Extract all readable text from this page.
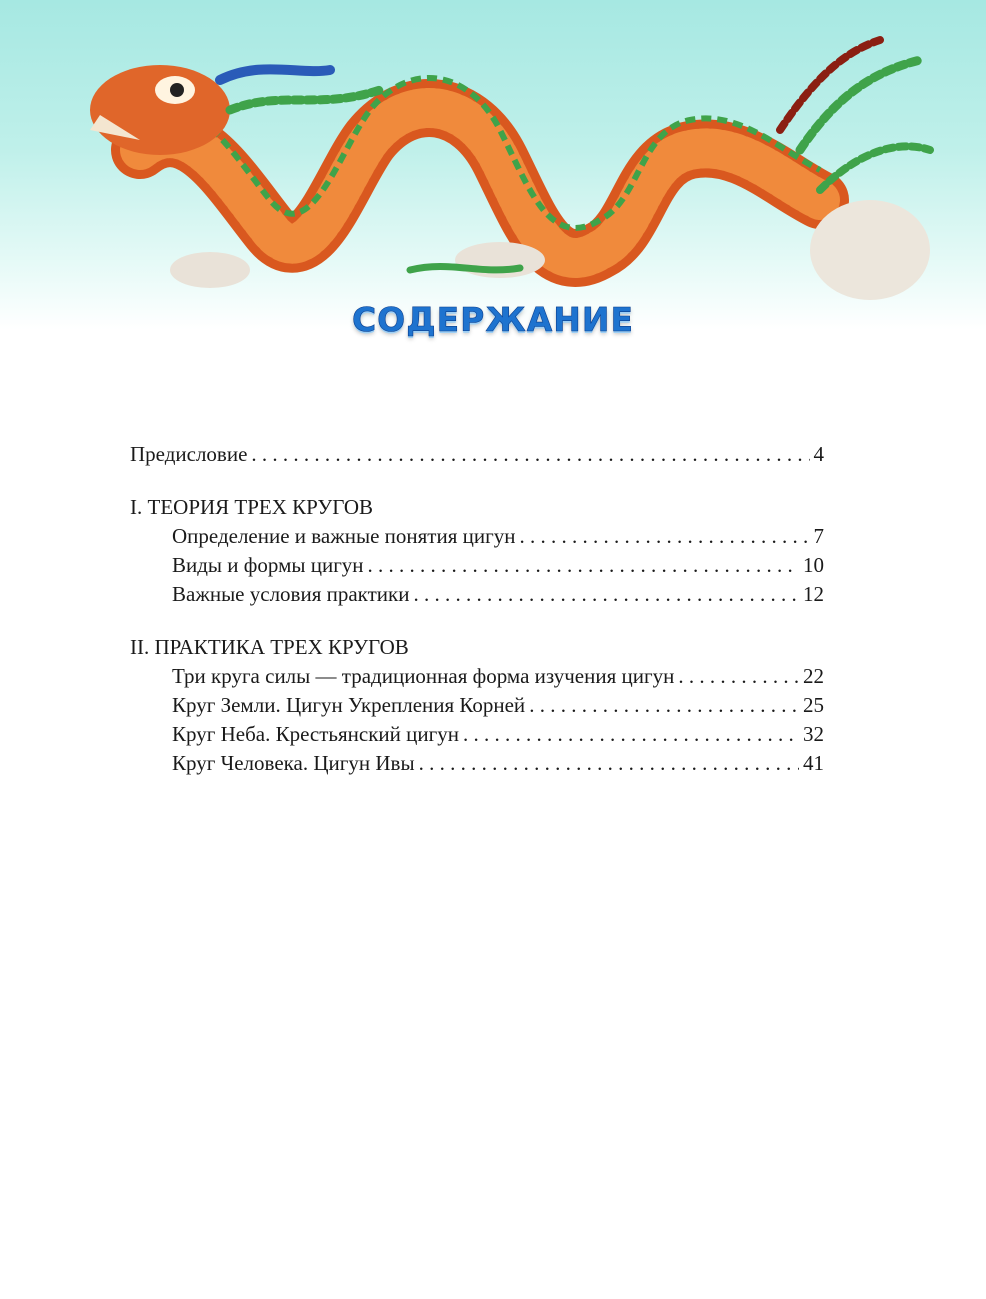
СОДЕРЖАНИЕ
Предисловие . . .	4
I. ТЕОРИЯ ТРЕХ КРУГОВ
Определение и важные понятия цигун . . .	7
Виды и формы цигун . . .	10
Важные условия практики . . .	12
II. ПРАКТИКА ТРЕХ КРУГОВ
Три круга силы — традиционная форма изучения цигун . . .	22
Круг Земли. Цигун Укрепления Корней . . .	25
Круг Неба. Крестьянский цигун . . .	32
Круг Человека. Цигун Ивы . . .	41
